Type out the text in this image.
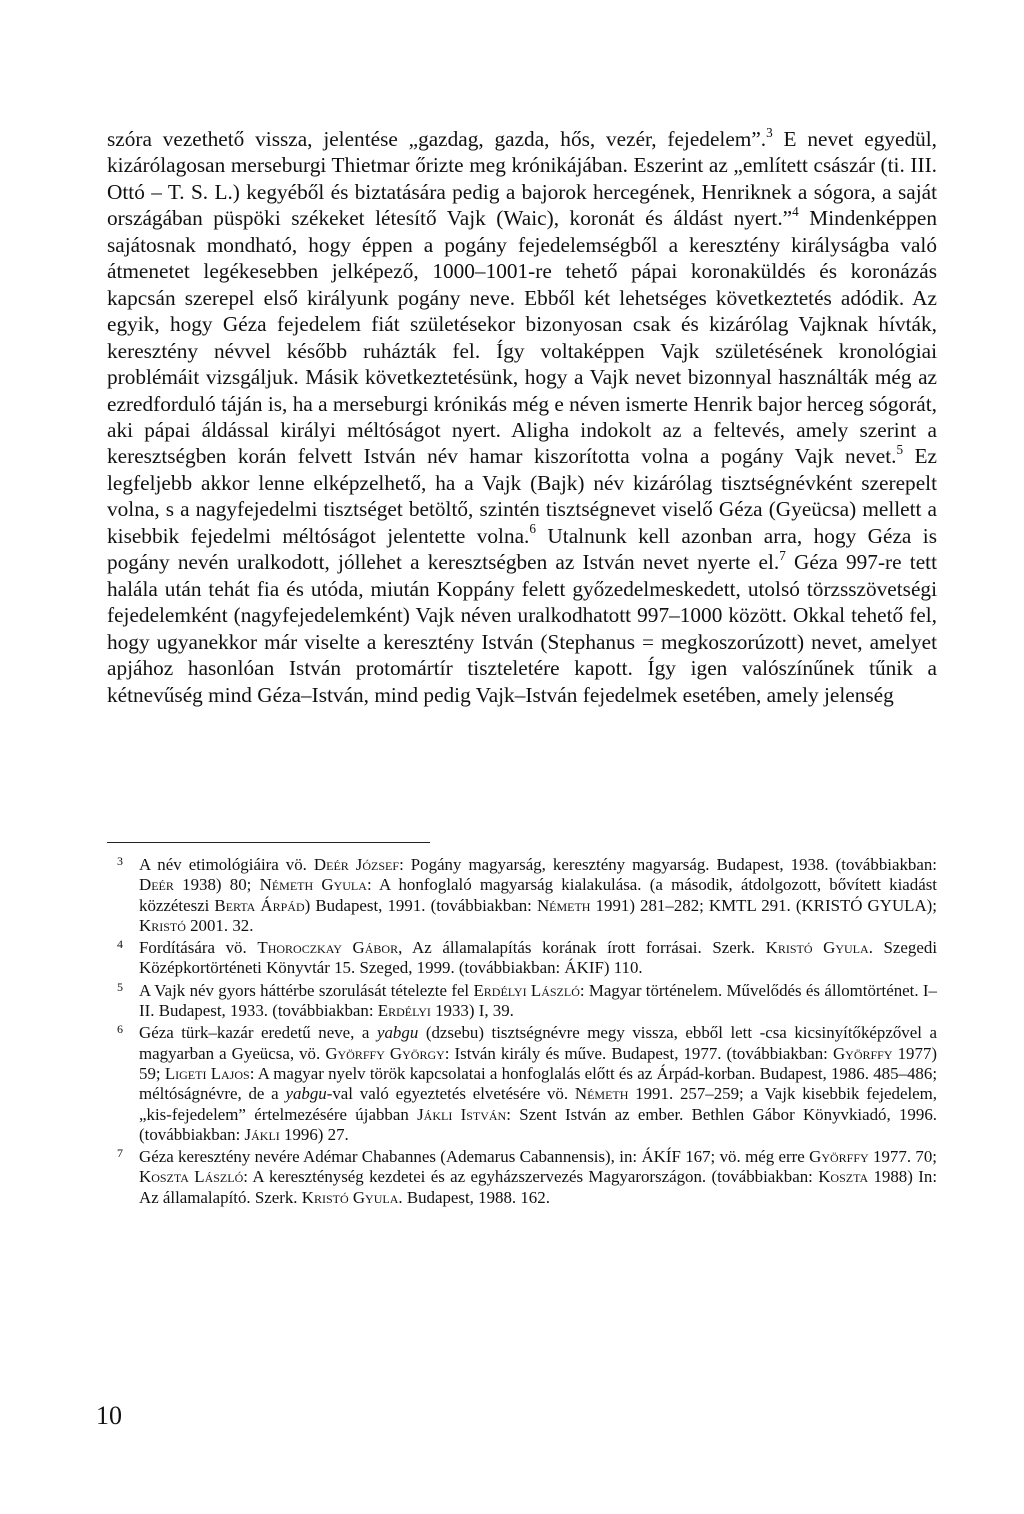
szóra vezethető vissza, jelentése „gazdag, gazda, hős, vezér, fejedelem”.$^3$ E nevet egyedül, kizárólagosan merseburgi Thietmar őrizte meg krónikájában. Eszerint az „említett császár (ti. III. Ottó – T. S. L.) kegyéből és biztatására pedig a bajorok hercegének, Henriknek a sógora, a saját országában püspöki székeket létesítő Vajk (Waic), koronát és áldást nyert.”$^4$ Mindenképpen sajátosnak mondható, hogy éppen a pogány fejedelemségből a keresztény királyságba való átmenetet legékesebben jelképező, 1000–1001-re tehető pápai koronaküldés és koronázás kapcsán szerepel első királyunk pogány neve. Ebből két lehetséges következtetés adódik. Az egyik, hogy Géza fejedelem fiát születésekor bizonyosan csak és kizárólag Vajknak hívták, keresztény névvel később ruházták fel. Így voltaképpen Vajk születésének kronológiai problémáit vizsgáljuk. Másik következtetésünk, hogy a Vajk nevet bizonnyal használták még az ezredforduló táján is, ha a merseburgi krónikás még e néven ismerte Henrik bajor herceg sógorát, aki pápai áldással királyi méltóságot nyert. Aligha indokolt az a feltevés, amely szerint a keresztségben korán felvett István név hamar kiszorította volna a pogány Vajk nevet.$^5$ Ez legfeljebb akkor lenne elképzelhető, ha a Vajk (Bajk) név kizárólag tisztségnévként szerepelt volna, s a nagyfejedelmi tisztséget betöltő, szintén tisztségnevet viselő Géza (Gyeücsa) mellett a kisebbik fejedelmi méltóságot jelentette volna.$^6$ Utalnunk kell azonban arra, hogy Géza is pogány nevén uralkodott, jóllehet a keresztségben az István nevet nyerte el.$^7$ Géza 997-re tett halála után tehát fia és utóda, miután Koppány felett győzedelmeskedett, utolsó törzsszövetségi fejedelemként (nagyfejedelemként) Vajk néven uralkodhatott 997–1000 között. Okkal tehető fel, hogy ugyanekkor már viselte a keresztény István (Stephanus = megkoszorúzott) nevet, amelyet apjához hasonlóan István protomártír tiszteletére kapott. Így igen valószínűnek tűnik a kétnevűség mind Géza–István, mind pedig Vajk–István fejedelmek esetében, amely jelenség

3 A név etimológiáira vö. Deér József: Pogány magyarság, keresztény magyarság. Budapest, 1938. (továbbiakban: Deér 1938) 80; Németh Gyula: A honfoglaló magyarság kialakulása. (a második, átdolgozott, bővített kiadást közzéteszi Berta Árpád) Budapest, 1991. (továbbiakban: Németh 1991) 281–282; KMTL 291. (KRISTÓ GYULA); Kristó 2001. 32.
4 Fordítására vö. Thoroczkay Gábor, Az államalapítás korának írott forrásai. Szerk. Kristó Gyula. Szegedi Középkortörténeti Könyvtár 15. Szeged, 1999. (továbbiakban: ÁKIF) 110.
5 A Vajk név gyors háttérbe szorulását tételezte fel Erdélyi László: Magyar történelem. Művelődés és állomtörténet. I–II. Budapest, 1933. (továbbiakban: Erdélyi 1933) I, 39.
6 Géza türk–kazár eredetű neve, a yabgu (dzsebu) tisztségnévre megy vissza, ebből lett -csa kicsinyítőképzővel a magyarban a Gyeücsa, vö. Györffy György: István király és műve. Budapest, 1977. (továbbiakban: Györffy 1977) 59; Ligeti Lajos: A magyar nyelv török kapcsolatai a honfoglalás előtt és az Árpád-korban. Budapest, 1986. 485–486; méltóságnévre, de a yabgu-val való egyeztetés elvetésére vö. Németh 1991. 257–259; a Vajk kisebbik fejedelem, „kis-fejedelem” értelmezésére újabban Jákli István: Szent István az ember. Bethlen Gábor Könyvkiadó, 1996. (továbbiakban: Jákli 1996) 27.
7 Géza keresztény nevére Adémar Chabannes (Ademarus Cabannensis), in: ÁKÍF 167; vö. még erre Györffy 1977. 70; Koszta László: A kereszténység kezdetei és az egyházszervezés Magyarországon. (továbbiakban: Koszta 1988) In: Az államalapító. Szerk. Kristó Gyula. Budapest, 1988. 162.
10
